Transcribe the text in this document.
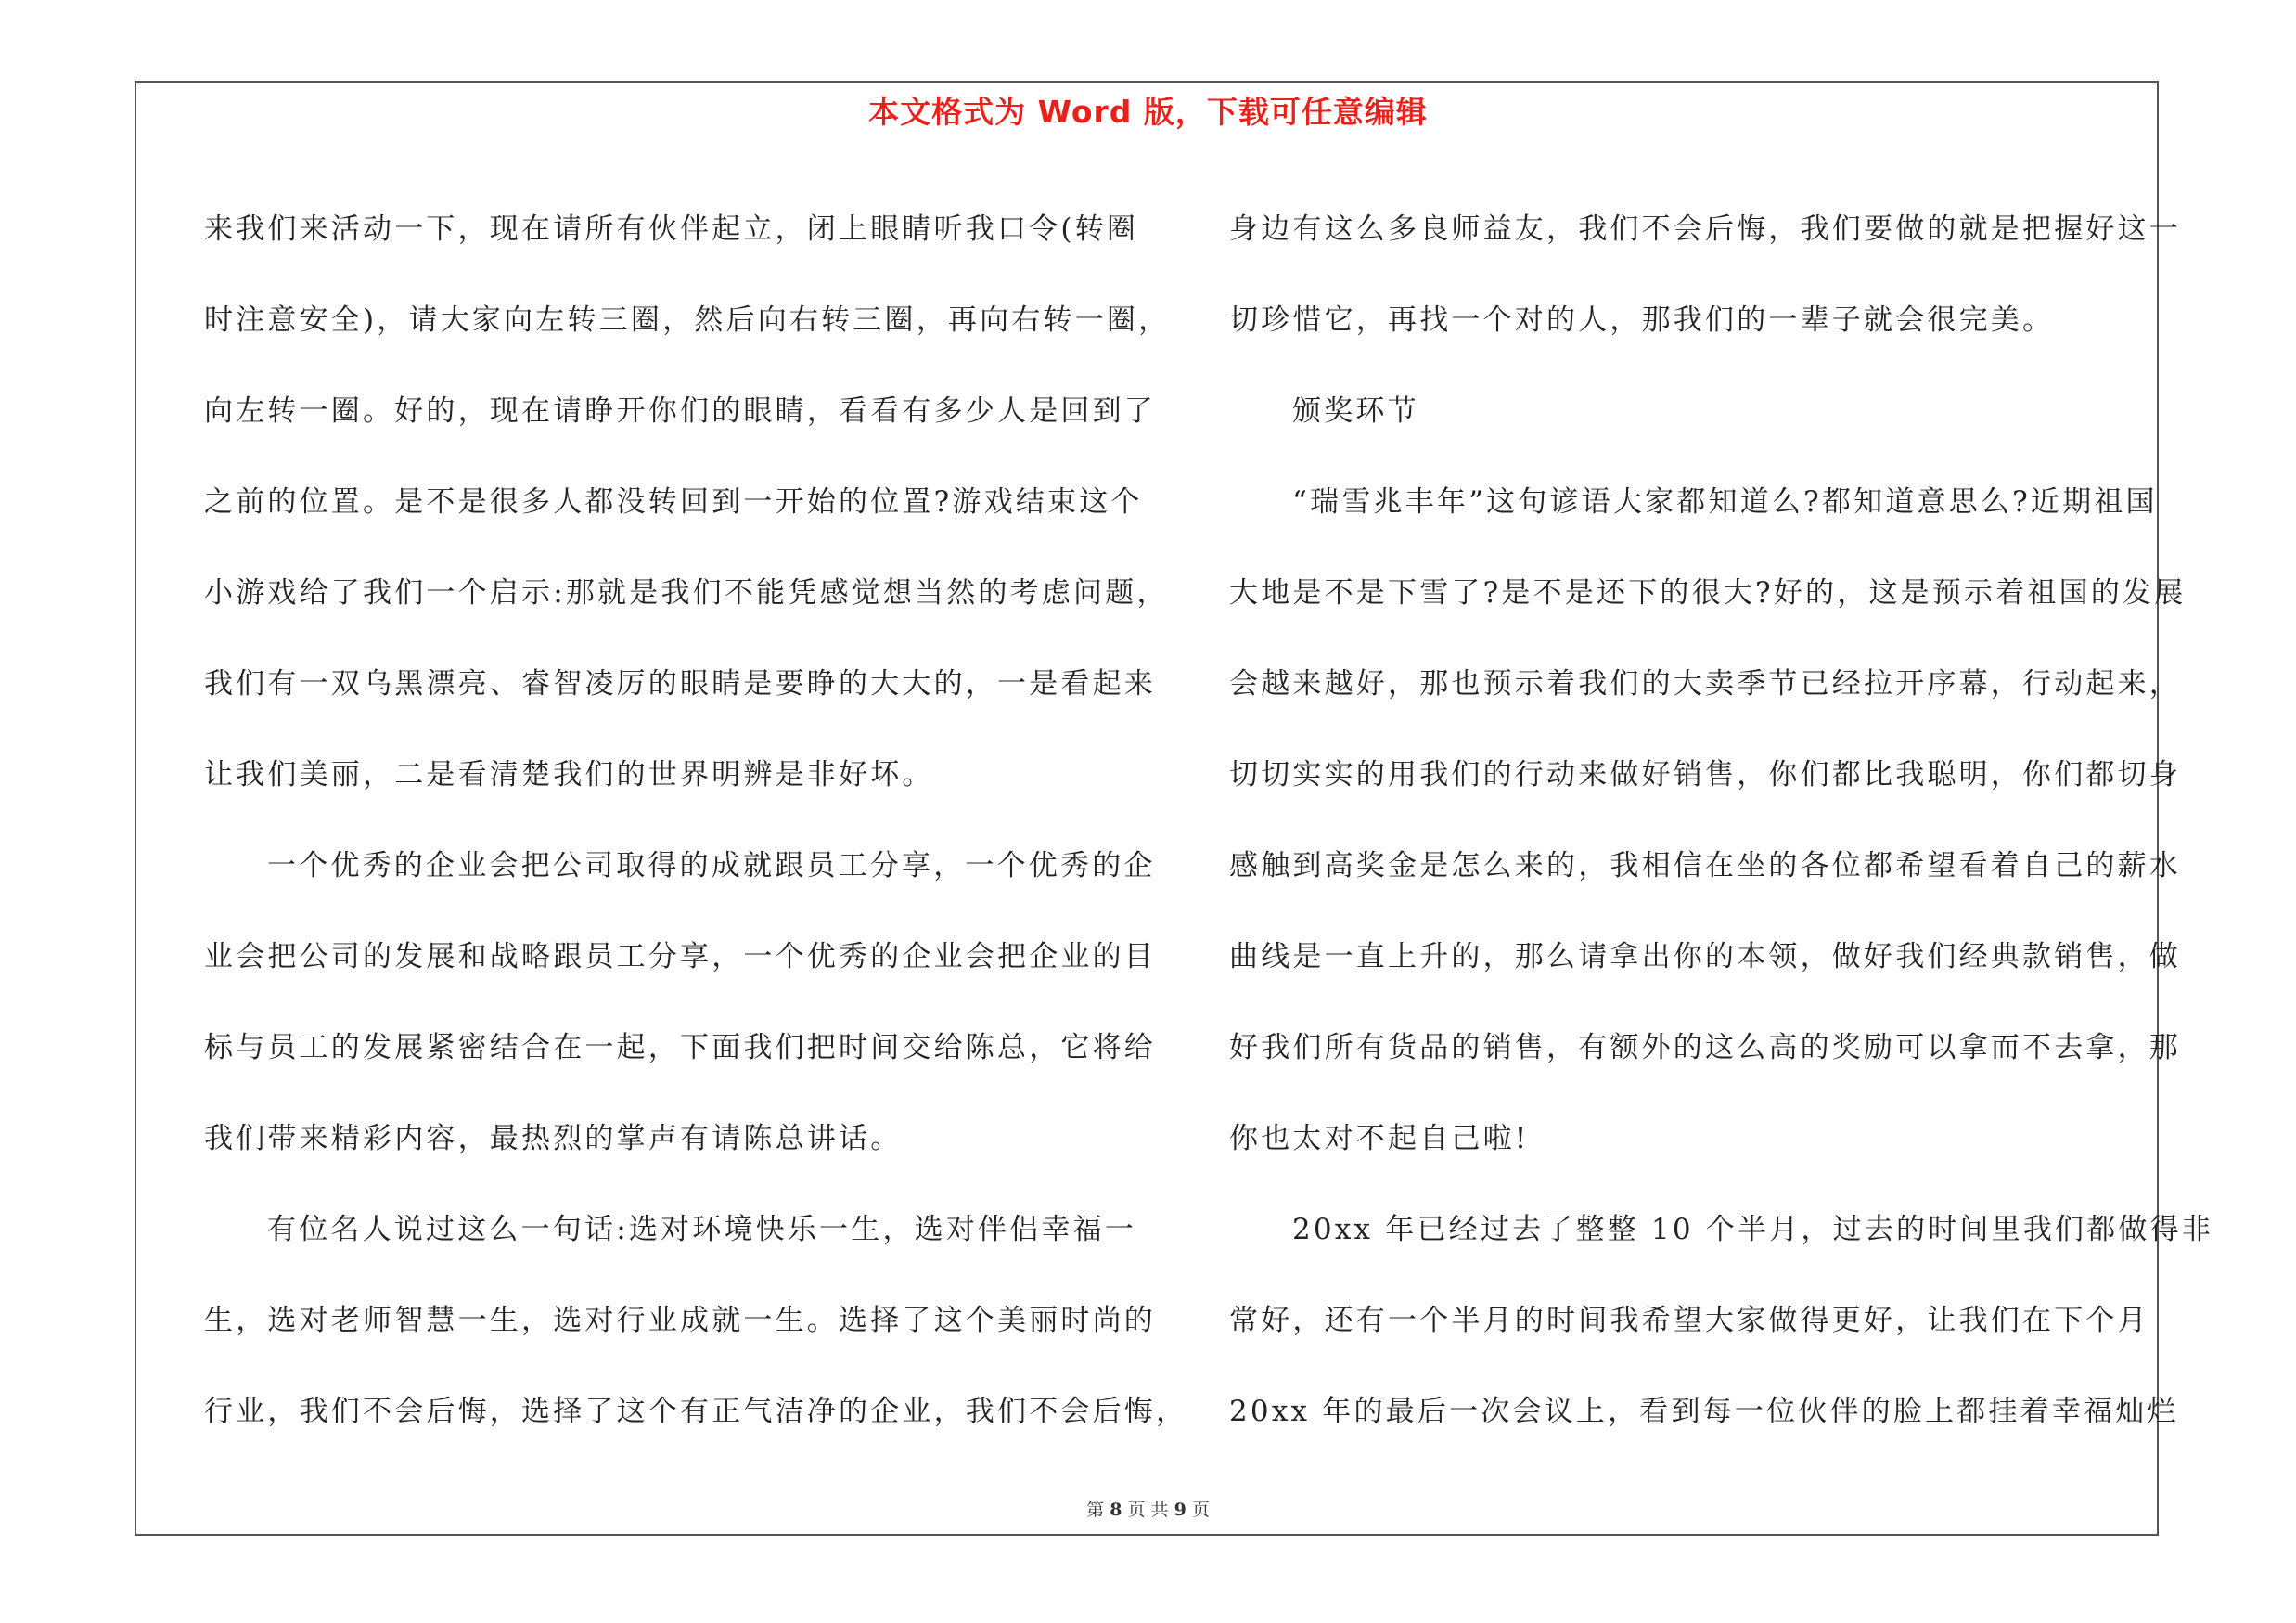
本文格式为 Word 版，下载可任意编辑
来我们来活动一下，现在请所有伙伴起立，闭上眼睛听我口令(转圈
时注意安全)，请大家向左转三圈，然后向右转三圈，再向右转一圈，
向左转一圈。好的，现在请睁开你们的眼睛，看看有多少人是回到了
之前的位置。是不是很多人都没转回到一开始的位置?游戏结束这个
小游戏给了我们一个启示:那就是我们不能凭感觉想当然的考虑问题，
我们有一双乌黑漂亮、睿智凌厉的眼睛是要睁的大大的，一是看起来
让我们美丽，二是看清楚我们的世界明辨是非好坏。
一个优秀的企业会把公司取得的成就跟员工分享，一个优秀的企
业会把公司的发展和战略跟员工分享，一个优秀的企业会把企业的目
标与员工的发展紧密结合在一起，下面我们把时间交给陈总，它将给
我们带来精彩内容，最热烈的掌声有请陈总讲话。
有位名人说过这么一句话:选对环境快乐一生，选对伴侣幸福一
生，选对老师智慧一生，选对行业成就一生。选择了这个美丽时尚的
行业，我们不会后悔，选择了这个有正气洁净的企业，我们不会后悔，
身边有这么多良师益友，我们不会后悔，我们要做的就是把握好这一
切珍惜它，再找一个对的人，那我们的一辈子就会很完美。
颁奖环节
“瑞雪兆丰年”这句谚语大家都知道么?都知道意思么?近期祖国
大地是不是下雪了?是不是还下的很大?好的，这是预示着祖国的发展
会越来越好，那也预示着我们的大卖季节已经拉开序幕，行动起来，
切切实实的用我们的行动来做好销售，你们都比我聪明，你们都切身
感触到高奖金是怎么来的，我相信在坐的各位都希望看着自己的薪水
曲线是一直上升的，那么请拿出你的本领，做好我们经典款销售，做
好我们所有货品的销售，有额外的这么高的奖励可以拿而不去拿，那
你也太对不起自己啦!
20xx 年已经过去了整整 10 个半月，过去的时间里我们都做得非
常好，还有一个半月的时间我希望大家做得更好，让我们在下个月
20xx 年的最后一次会议上，看到每一位伙伴的脸上都挂着幸福灿烂
第 8 页 共 9 页
